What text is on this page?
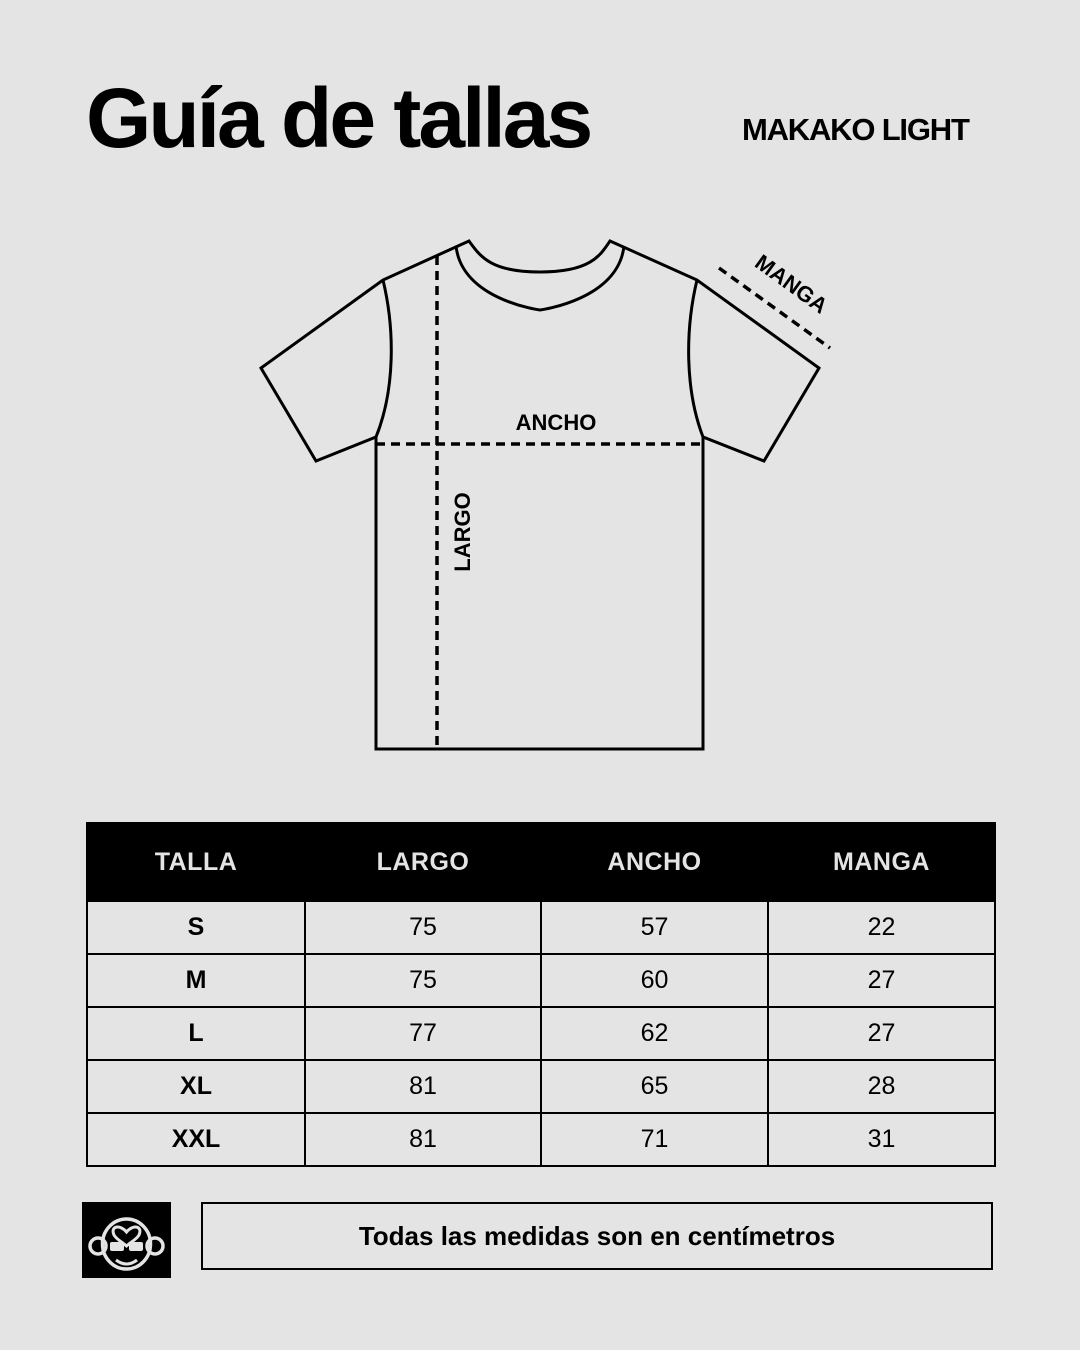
Guía de tallas	MAKAKO LIGHT
ANCHO
LARGO
MANGA
TALLA	LARGO	ANCHO	MANGA
S	75	57	22
M	75	60	27
L	77	62	27
XL	81	65	28
XXL	81	71	31
Todas las medidas son en centímetros
